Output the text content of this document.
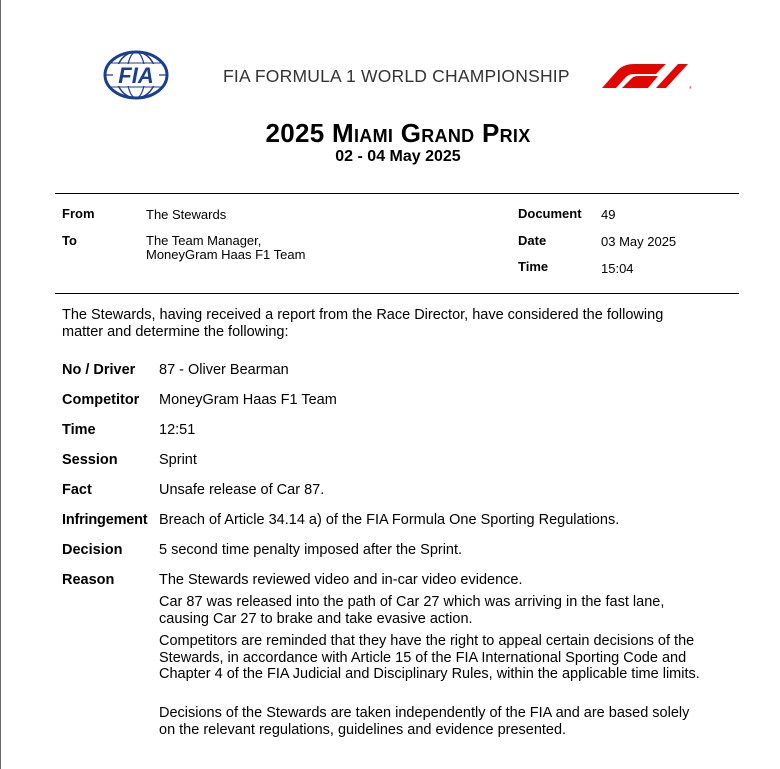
FIA	FIA FORMULA 1 WORLD CHAMPIONSHIP
®
2025 Miami Grand Prix
02 - 04 May 2025
From	The Stewards
To	The Team Manager,
MoneyGram Haas F1 Team
Document 49
Date	03 May 2025
Time	15:04
The Stewards, having received a report from the Race Director, have considered the following
matter and determine the following:
No / Driver 87 - Oliver Bearman
Competitor MoneyGram Haas F1 Team
Time	12:51
Session	Sprint
Fact	Unsafe release of Car 87.
Infringement Breach of Article 34.14 a) of the FIA Formula One Sporting Regulations.
Decision	5 second time penalty imposed after the Sprint.
Reason	The Stewards reviewed video and in-car video evidence.
Car 87 was released into the path of Car 27 which was arriving in the fast lane,
causing Car 27 to brake and take evasive action.
Competitors are reminded that they have the right to appeal certain decisions of the
Stewards, in accordance with Article 15 of the FIA International Sporting Code and
Chapter 4 of the FIA Judicial and Disciplinary Rules, within the applicable time limits.
Decisions of the Stewards are taken independently of the FIA and are based solely
on the relevant regulations, guidelines and evidence presented.
